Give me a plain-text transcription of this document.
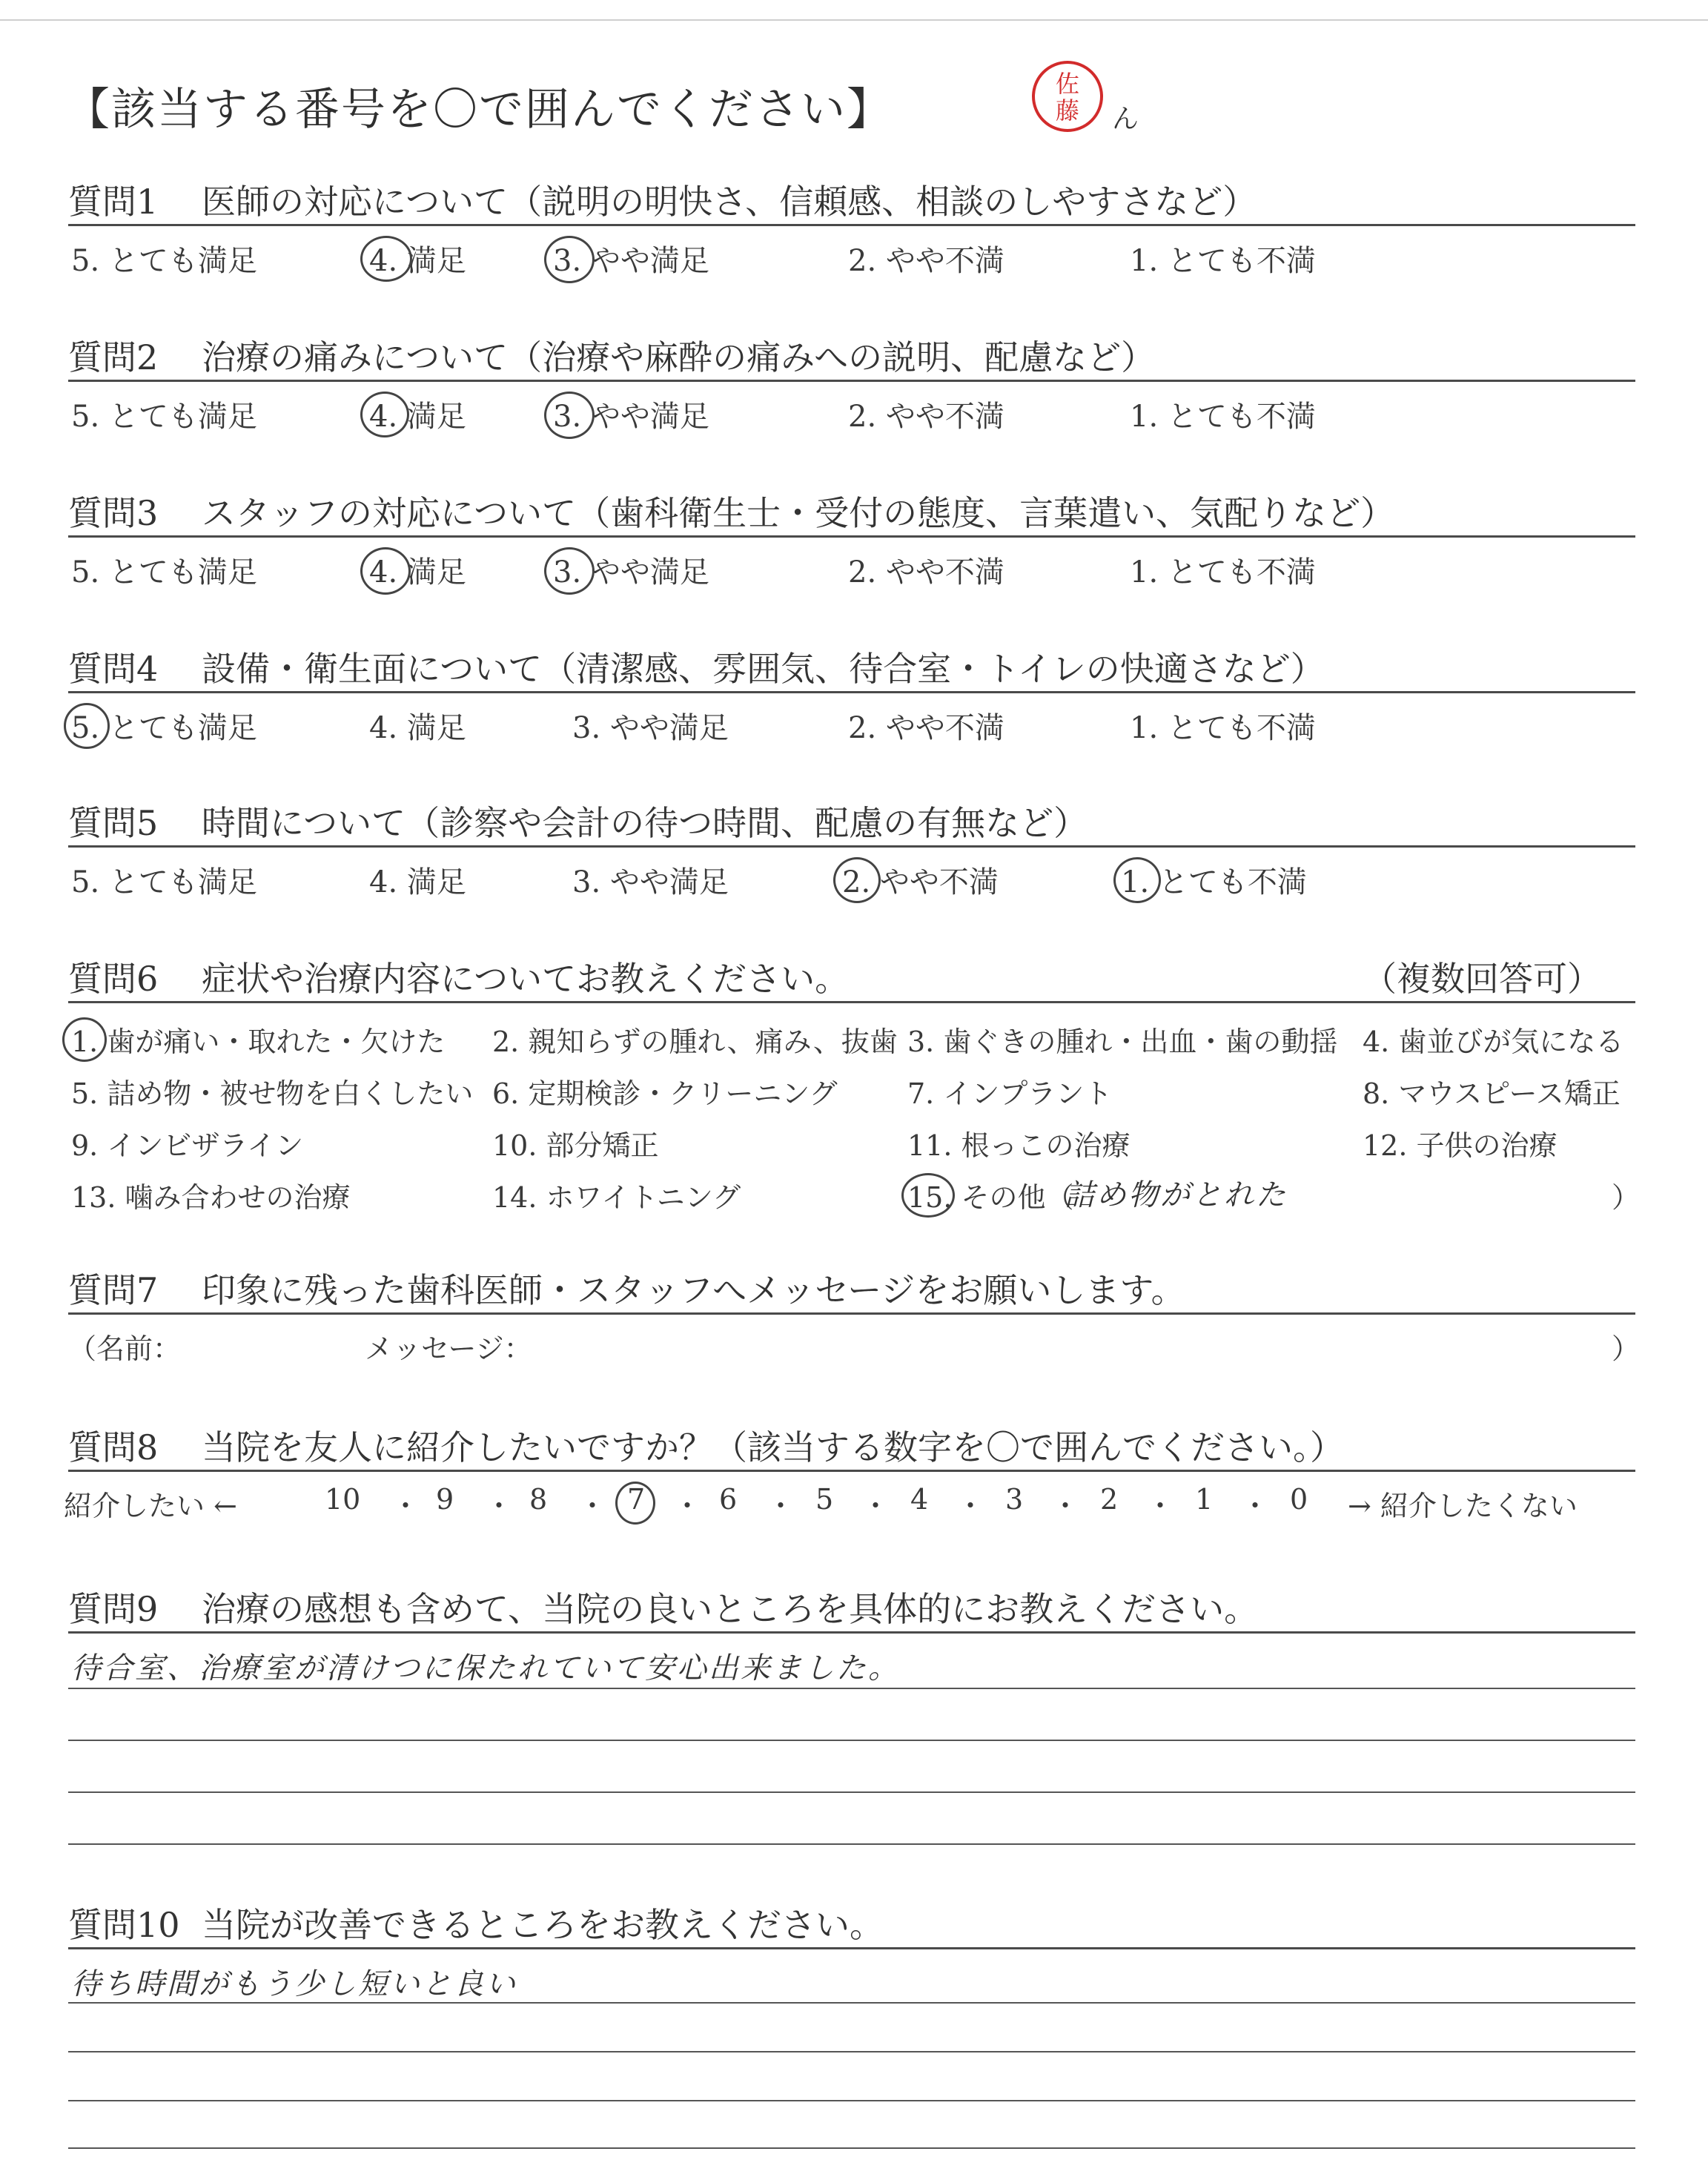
【該当する番号を〇で囲んでください】	佐
藤 ん
質問1 医師の対応について（説明の明快さ、信頼感、相談のしやすさなど）
5. とても満足	4. 満足	3. やや満足	2. やや不満	1. とても不満
質問2 治療の痛みについて（治療や麻酔の痛みへの説明、配慮など）
5. とても満足	4. 満足	3. やや満足	2. やや不満	1. とても不満
質問3 スタッフの対応について（歯科衛生士・受付の態度、言葉遣い、気配りなど）
5. とても満足	4. 満足	3. やや満足	2. やや不満	1. とても不満
質問4 設備・衛生面について（清潔感、雰囲気、待合室・トイレの快適さなど）
5. とても満足	4. 満足	3. やや満足	2. やや不満	1. とても不満
質問5 時間について（診察や会計の待つ時間、配慮の有無など）
5. とても満足	4. 満足	3. やや満足	2. やや不満	1. とても不満
質問6 症状や治療内容についてお教えください。	（複数回答可）
1. 歯が痛い・取れた・欠けた 2. 親知らずの腫れ、痛み、抜歯 3. 歯ぐきの腫れ・出血・歯の動揺 4. 歯並びが気になる
5. 詰め物・被せ物を白くしたい 6. 定期検診・クリーニング 7. インプラント	8. マウスピース矯正
9. インビザライン	10. 部分矯正	11. 根っこの治療	12. 子供の治療
13. 噛み合わせの治療	14. ホワイトニング	15. その他（
詰め物がとれた	）
質問7 印象に残った歯科医師・スタッフへメッセージをお願いします。
（名前：	メッセージ：	）
質問8 当院を友人に紹介したいですか？（該当する数字を〇で囲んでください。）
紹介したい ←	→ 紹介したくない
10 ・ 9 ・ 8 ・ 7 ・ 6 ・ 5 ・ 4 ・ 3 ・ 2 ・ 1 ・ 0
質問9 治療の感想も含めて、当院の良いところを具体的にお教えください。
待合室、治療室が清けつに保たれていて安心出来ました。
質問10 当院が改善できるところをお教えください。
待ち時間がもう少し短いと良い
